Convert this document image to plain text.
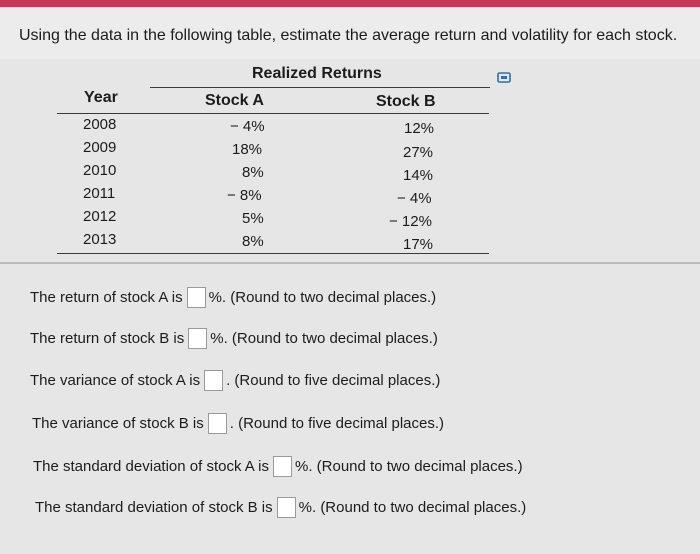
Using the data in the following table, estimate the average return and volatility for each stock.
Realized Returns
Year	Stock A	Stock B
2008	− 4%	12%
2009	18%	27%
2010	8%	14%
2011	− 8%	− 4%
2012	5%	− 12%
2013	8%	17%
The return of stock A is %. (Round to two decimal places.)
The return of stock B is %. (Round to two decimal places.)
The variance of stock A is . (Round to five decimal places.)
The variance of stock B is . (Round to five decimal places.)
The standard deviation of stock A is %. (Round to two decimal places.)
The standard deviation of stock B is %. (Round to two decimal places.)
